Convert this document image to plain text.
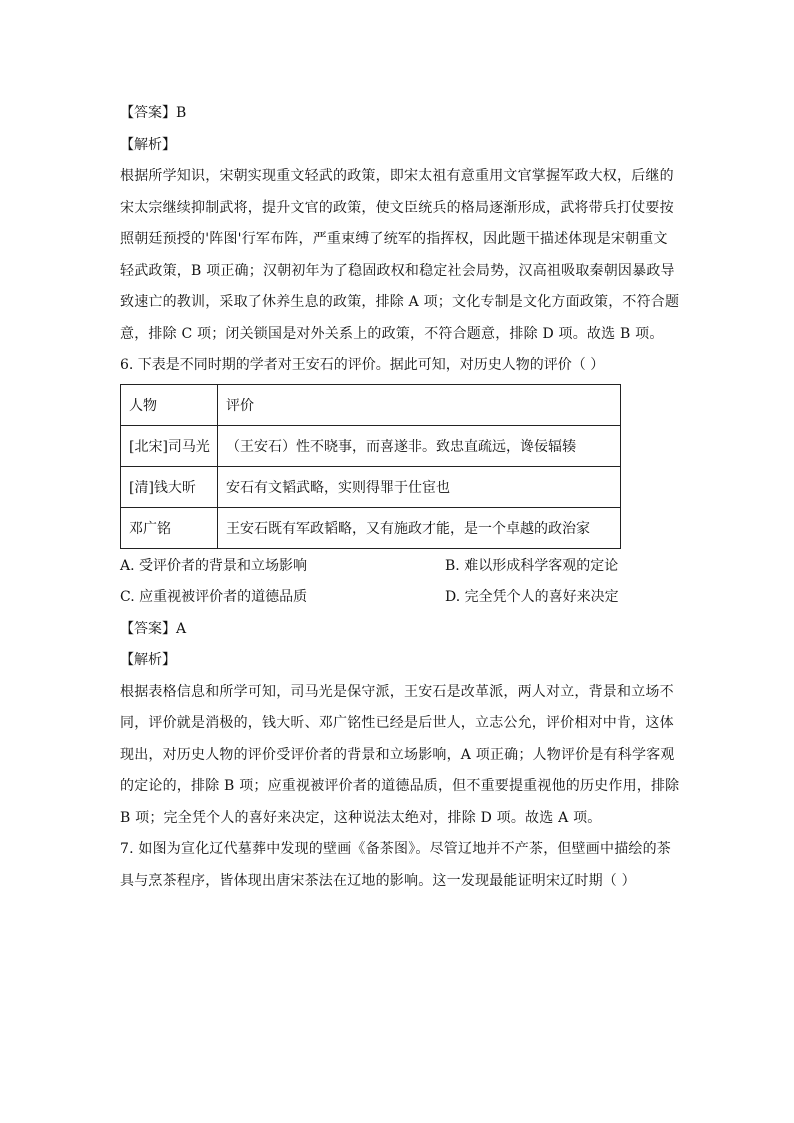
【答案】B
【解析】
根据所学知识，宋朝实现重文轻武的政策，即宋太祖有意重用文官掌握军政大权，后继的
宋太宗继续抑制武将，提升文官的政策，使文臣统兵的格局逐渐形成，武将带兵打仗要按
照朝廷预授的'阵图'行军布阵，严重束缚了统军的指挥权，因此题干描述体现是宋朝重文
轻武政策，B 项正确；汉朝初年为了稳固政权和稳定社会局势，汉高祖吸取秦朝因暴政导
致速亡的教训，采取了休养生息的政策，排除 A 项；文化专制是文化方面政策，不符合题
意，排除 C 项；闭关锁国是对外关系上的政策，不符合题意，排除 D 项。故选 B 项。
6. 下表是不同时期的学者对王安石的评价。据此可知，对历史人物的评价（ ）
人物	评价
[北宋]司马光	（王安石）性不晓事，而喜遂非。致忠直疏远，谗佞辐辏
[清]钱大昕	安石有文韬武略，实则得罪于仕宦也
邓广铭	王安石既有军政韬略，又有施政才能，是一个卓越的政治家
A. 受评价者的背景和立场影响	B. 难以形成科学客观的定论
C. 应重视被评价者的道德品质	D. 完全凭个人的喜好来决定
【答案】A
【解析】
根据表格信息和所学可知，司马光是保守派，王安石是改革派，两人对立，背景和立场不
同，评价就是消极的，钱大昕、邓广铭性已经是后世人，立志公允，评价相对中肯，这体
现出，对历史人物的评价受评价者的背景和立场影响，A 项正确；人物评价是有科学客观
的定论的，排除 B 项；应重视被评价者的道德品质，但不重要提重视他的历史作用，排除
B 项；完全凭个人的喜好来决定，这种说法太绝对，排除 D 项。故选 A 项。
7. 如图为宣化辽代墓葬中发现的壁画《备茶图》。尽管辽地并不产茶，但壁画中描绘的茶
具与烹茶程序，皆体现出唐宋茶法在辽地的影响。这一发现最能证明宋辽时期（ ）
